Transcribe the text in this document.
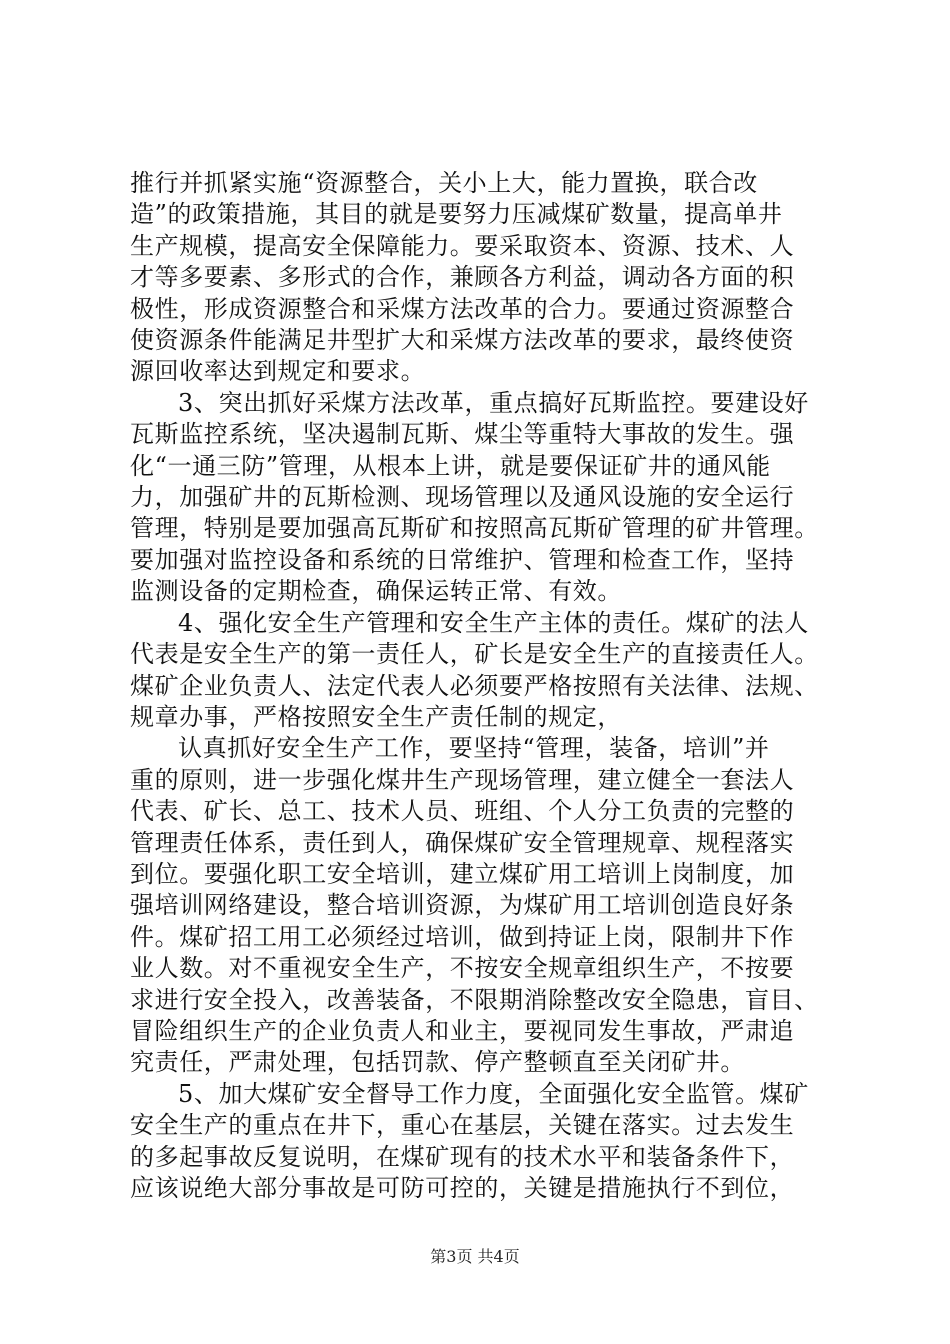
推行并抓紧实施“资源整合，关小上大，能力置换，联合改
造”的政策措施，其目的就是要努力压减煤矿数量，提高单井
生产规模，提高安全保障能力。要采取资本、资源、技术、人
才等多要素、多形式的合作，兼顾各方利益，调动各方面的积
极性，形成资源整合和采煤方法改革的合力。要通过资源整合
使资源条件能满足井型扩大和采煤方法改革的要求，最终使资
源回收率达到规定和要求。

3、突出抓好采煤方法改革，重点搞好瓦斯监控。要建设好
瓦斯监控系统，坚决遏制瓦斯、煤尘等重特大事故的发生。强
化“一通三防”管理，从根本上讲，就是要保证矿井的通风能
力，加强矿井的瓦斯检测、现场管理以及通风设施的安全运行
管理，特别是要加强高瓦斯矿和按照高瓦斯矿管理的矿井管理。
要加强对监控设备和系统的日常维护、管理和检查工作，坚持
监测设备的定期检查，确保运转正常、有效。

4、强化安全生产管理和安全生产主体的责任。煤矿的法人
代表是安全生产的第一责任人，矿长是安全生产的直接责任人。
煤矿企业负责人、法定代表人必须要严格按照有关法律、法规、
规章办事，严格按照安全生产责任制的规定，

认真抓好安全生产工作，要坚持“管理，装备，培训”并
重的原则，进一步强化煤井生产现场管理，建立健全一套法人
代表、矿长、总工、技术人员、班组、个人分工负责的完整的
管理责任体系，责任到人，确保煤矿安全管理规章、规程落实
到位。要强化职工安全培训，建立煤矿用工培训上岗制度，加
强培训网络建设，整合培训资源，为煤矿用工培训创造良好条
件。煤矿招工用工必须经过培训，做到持证上岗，限制井下作
业人数。对不重视安全生产，不按安全规章组织生产，不按要
求进行安全投入，改善装备，不限期消除整改安全隐患，盲目、
冒险组织生产的企业负责人和业主，要视同发生事故，严肃追
究责任，严肃处理，包括罚款、停产整顿直至关闭矿井。

5、加大煤矿安全督导工作力度，全面强化安全监管。煤矿
安全生产的重点在井下，重心在基层，关键在落实。过去发生
的多起事故反复说明，在煤矿现有的技术水平和装备条件下，
应该说绝大部分事故是可防可控的，关键是措施执行不到位，

第3页 共4页
